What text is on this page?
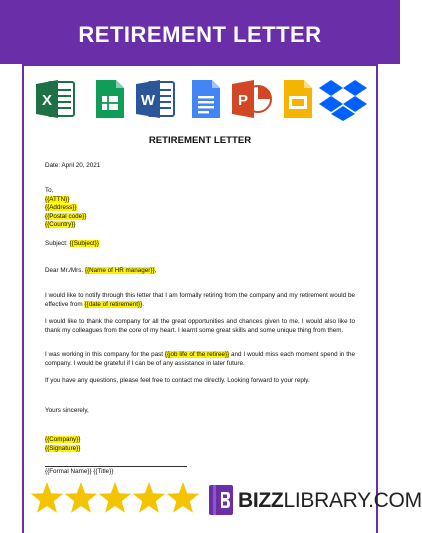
RETIREMENT LETTER
X	W	P
RETIREMENT LETTER
Date: April 20, 2021
To,
{{ATTN}}
{{Address}}
{{Postal code}}
{{Country}}
Subject: {{Subject}}
Dear Mr./Mrs. {{Name of HR manager}},
I would like to notify through this letter that I am formally retiring from the company and my retirement would be effective from {{date of retirement}}.
I would like to thank the company for all the great opportunities and chances given to me. I would also like to thank my colleagues from the core of my heart. I learnt some great skills and some unique thing from them.
I was working in this company for the past {{job life of the retiree}} and I would miss each moment spend in the company. I would be grateful if I can be of any assistance in later future.
If you have any questions, please feel free to contact me directly. Looking forward to your reply.
Yours sincerely,
{{Company}}
{{Signature}}
{{Formal Name}} {{Title}}
BIZZLIBRARY.COM
